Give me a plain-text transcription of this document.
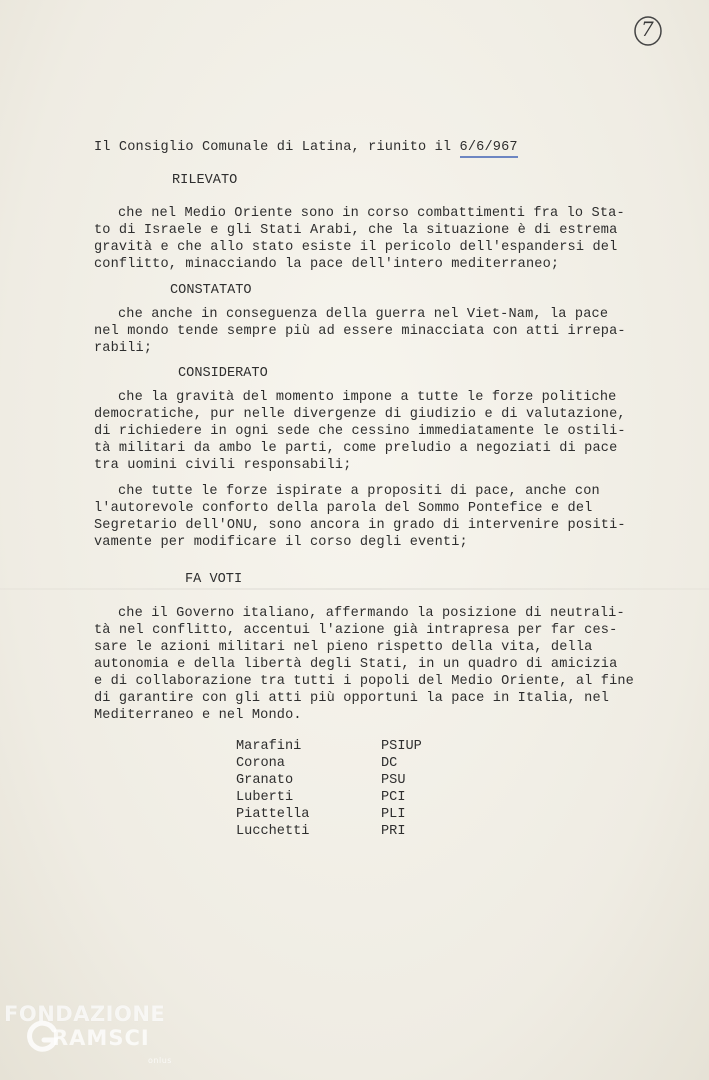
7
Il Consiglio Comunale di Latina, riunito il 6/6/967
RILEVATO
che nel Medio Oriente sono in corso combattimenti fra lo Sta-
to di Israele e gli Stati Arabi, che la situazione è di estrema
gravità e che allo stato esiste il pericolo dell'espandersi del
conflitto, minacciando la pace dell'intero mediterraneo;
CONSTATATO
che anche in conseguenza della guerra nel Viet-Nam, la pace
nel mondo tende sempre più ad essere minacciata con atti irrepa-
rabili;
CONSIDERATO
che la gravità del momento impone a tutte le forze politiche
democratiche, pur nelle divergenze di giudizio e di valutazione,
di richiedere in ogni sede che cessino immediatamente le ostili-
tà militari da ambo le parti, come preludio a negoziati di pace
tra uomini civili responsabili;
che tutte le forze ispirate a propositi di pace, anche con
l'autorevole conforto della parola del Sommo Pontefice e del
Segretario dell'ONU, sono ancora in grado di intervenire positi-
vamente per modificare il corso degli eventi;
FA VOTI
che il Governo italiano, affermando la posizione di neutrali-
tà nel conflitto, accentui l'azione già intrapresa per far ces-
sare le azioni militari nel pieno rispetto della vita, della
autonomia e della libertà degli Stati, in un quadro di amicizia
e di collaborazione tra tutti i popoli del Medio Oriente, al fine
di garantire con gli atti più opportuni la pace in Italia, nel
Mediterraneo e nel Mondo.
Marafini	PSIUP
Corona	DC
Granato	PSU
Luberti	PCI
Piattella	PLI
Lucchetti	PRI
FONDAZIONE
RAMSCI
onlus
